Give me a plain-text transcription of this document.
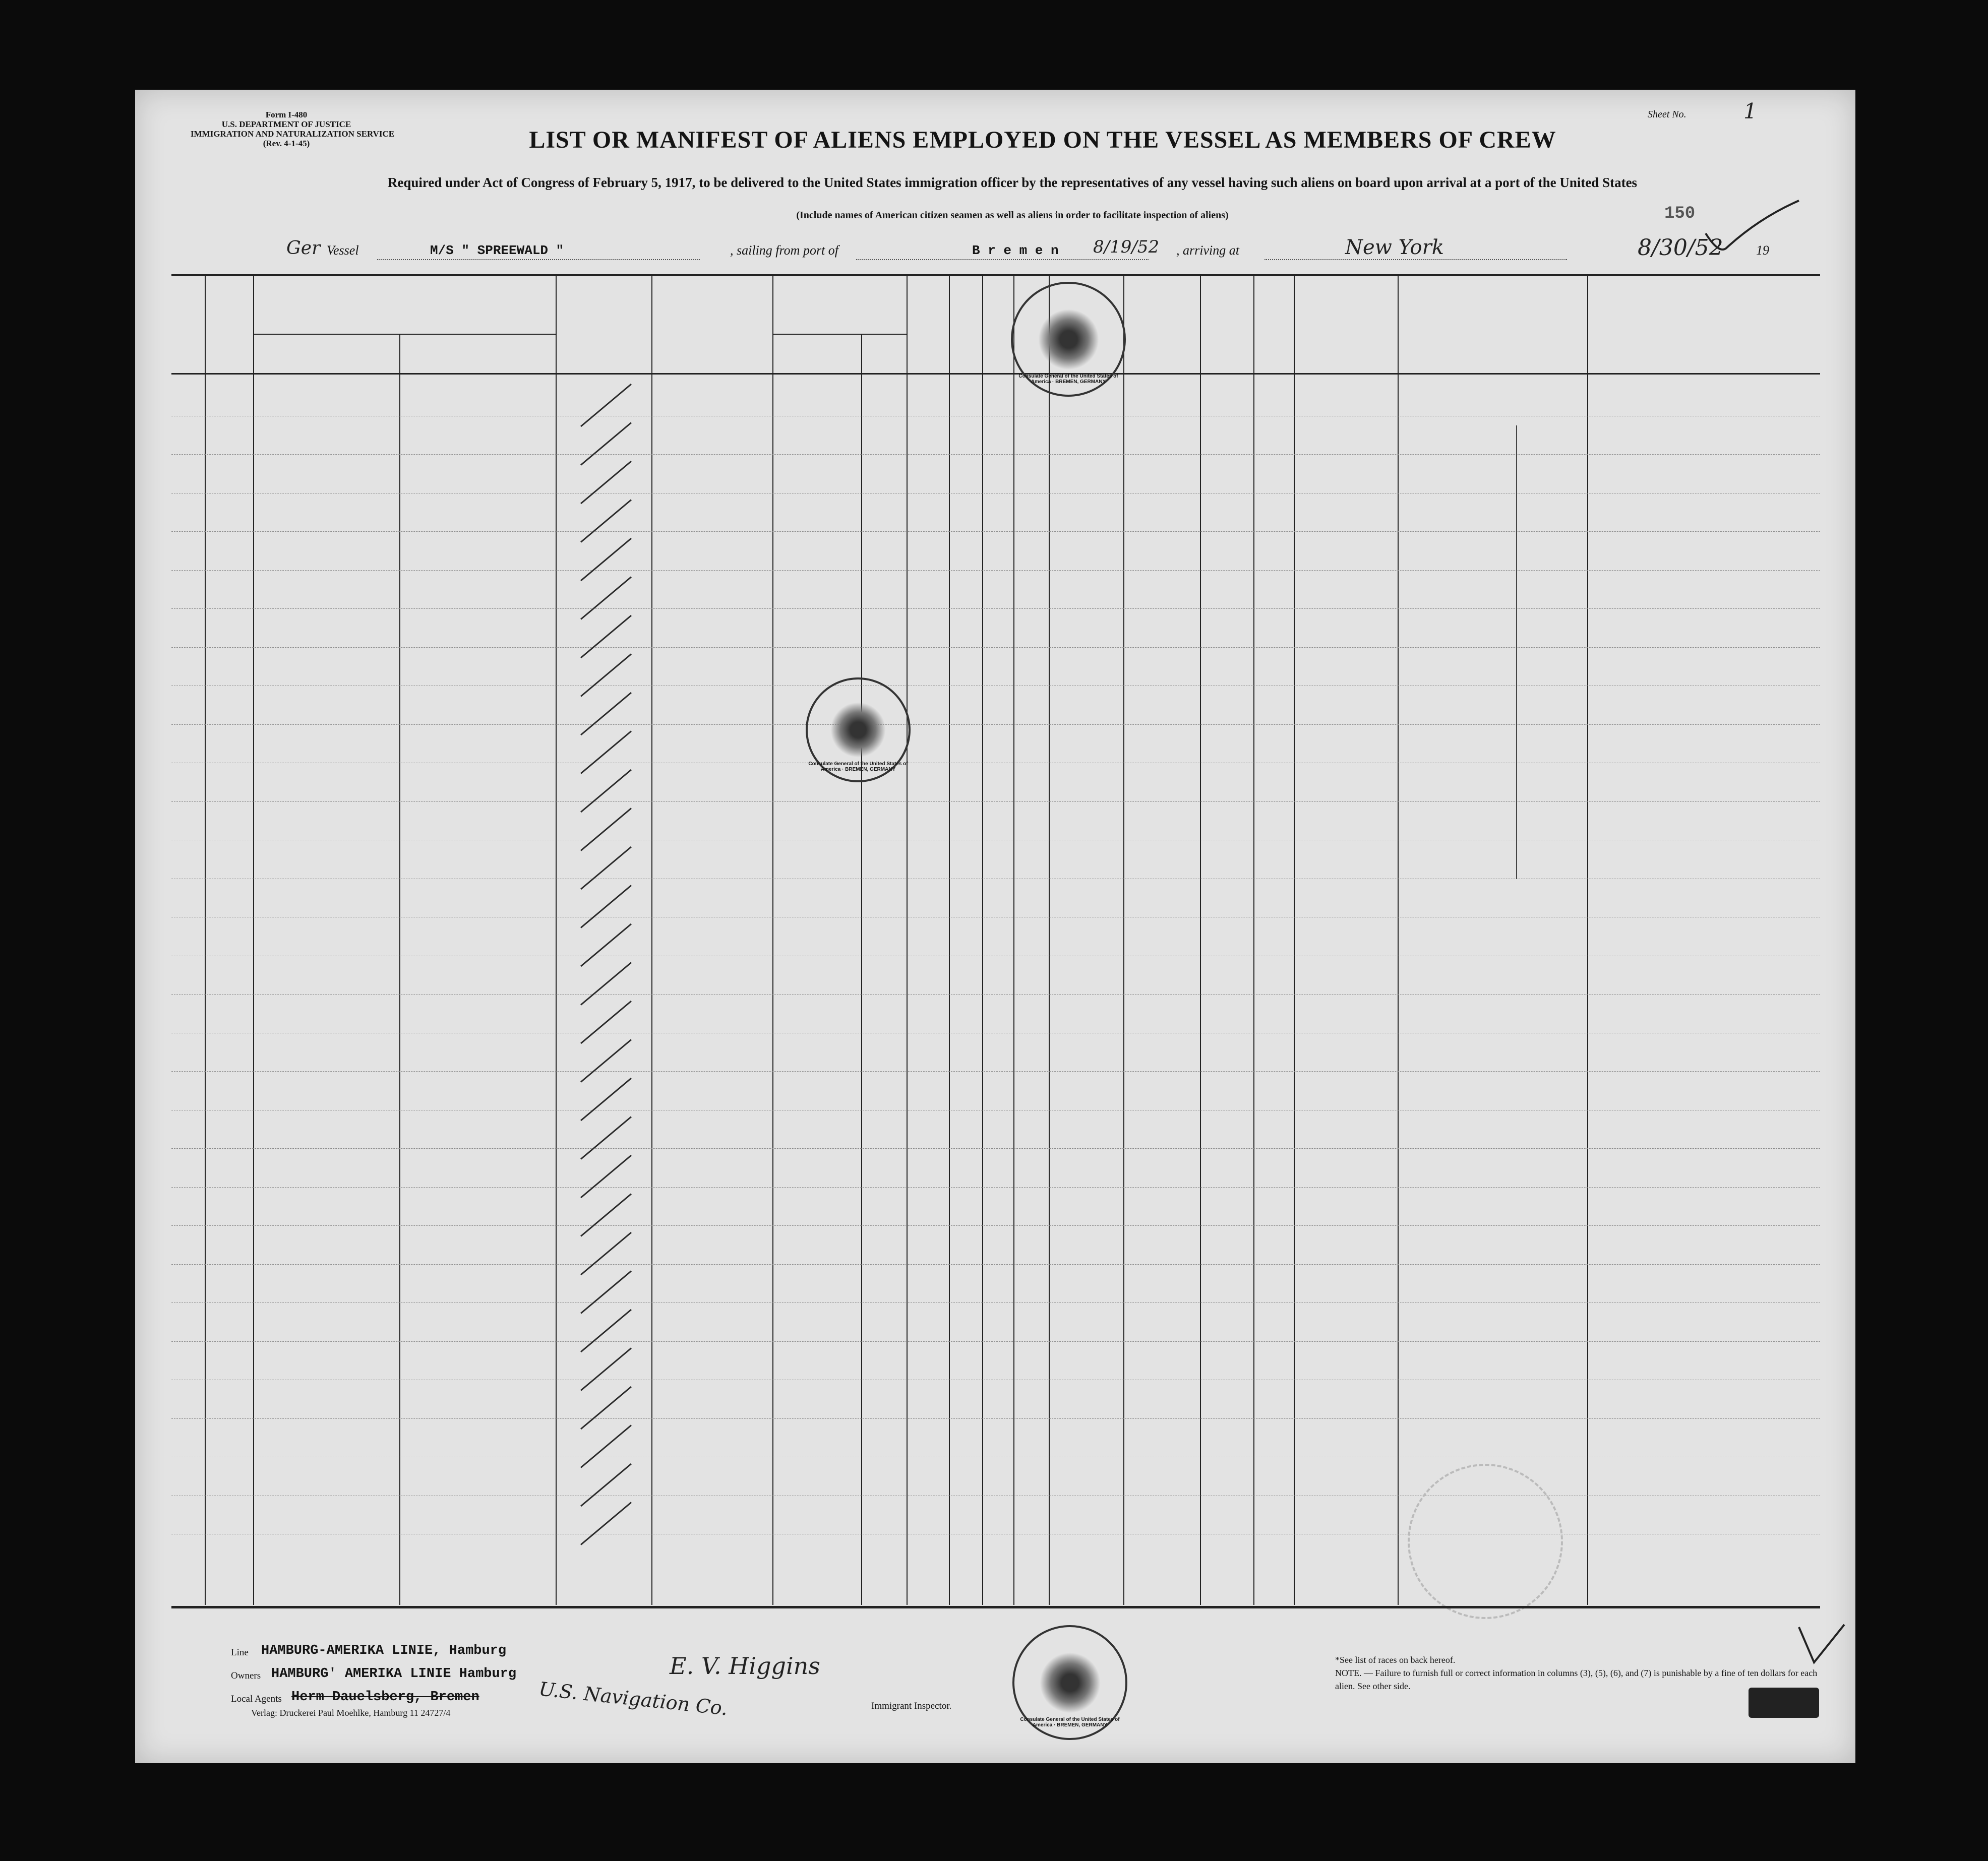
Form I-480
U.S. DEPARTMENT OF JUSTICE
IMMIGRATION AND NATURALIZATION SERVICE
(Rev. 4-1-45)	LIST OR MANIFEST OF ALIENS EMPLOYED ON THE VESSEL AS MEMBERS OF CREW
Sheet No.	1
Required under Act of Congress of February 5, 1917, to be delivered to the United States immigration officer by the representatives of any vessel having such aliens on board upon arrival at a port of the United States
(Include names of American citizen seamen as well as aliens in order to facilitate inspection of aliens)	150
Ger Vessel	M/S " SPREEWALD "	, sailing from port of	B r e m e n 8/19/52 , arriving at	New York	8/30/52	19
Consulate General of the United States of America · BREMEN, GERMANY
Consulate General of the United States of America · BREMEN, GERMANY
Consulate General of the United States of America · BREMEN, GERMANY
Line HAMBURG-AMERIKA LINIE, Hamburg
Owners HAMBURG' AMERIKA LINIE Hamburg
Local Agents Herm Dauelsberg, Bremen	U.S. Navigation Co.
E. V. Higgins
Immigrant Inspector.
*See list of races on back hereof.
NOTE. — Failure to furnish full or correct information in columns (3), (5), (6), and (7) is punishable by a fine of ten dollars for each alien. See other side.
Verlag: Druckerei Paul Moehlke, Hamburg 11 24727/4
